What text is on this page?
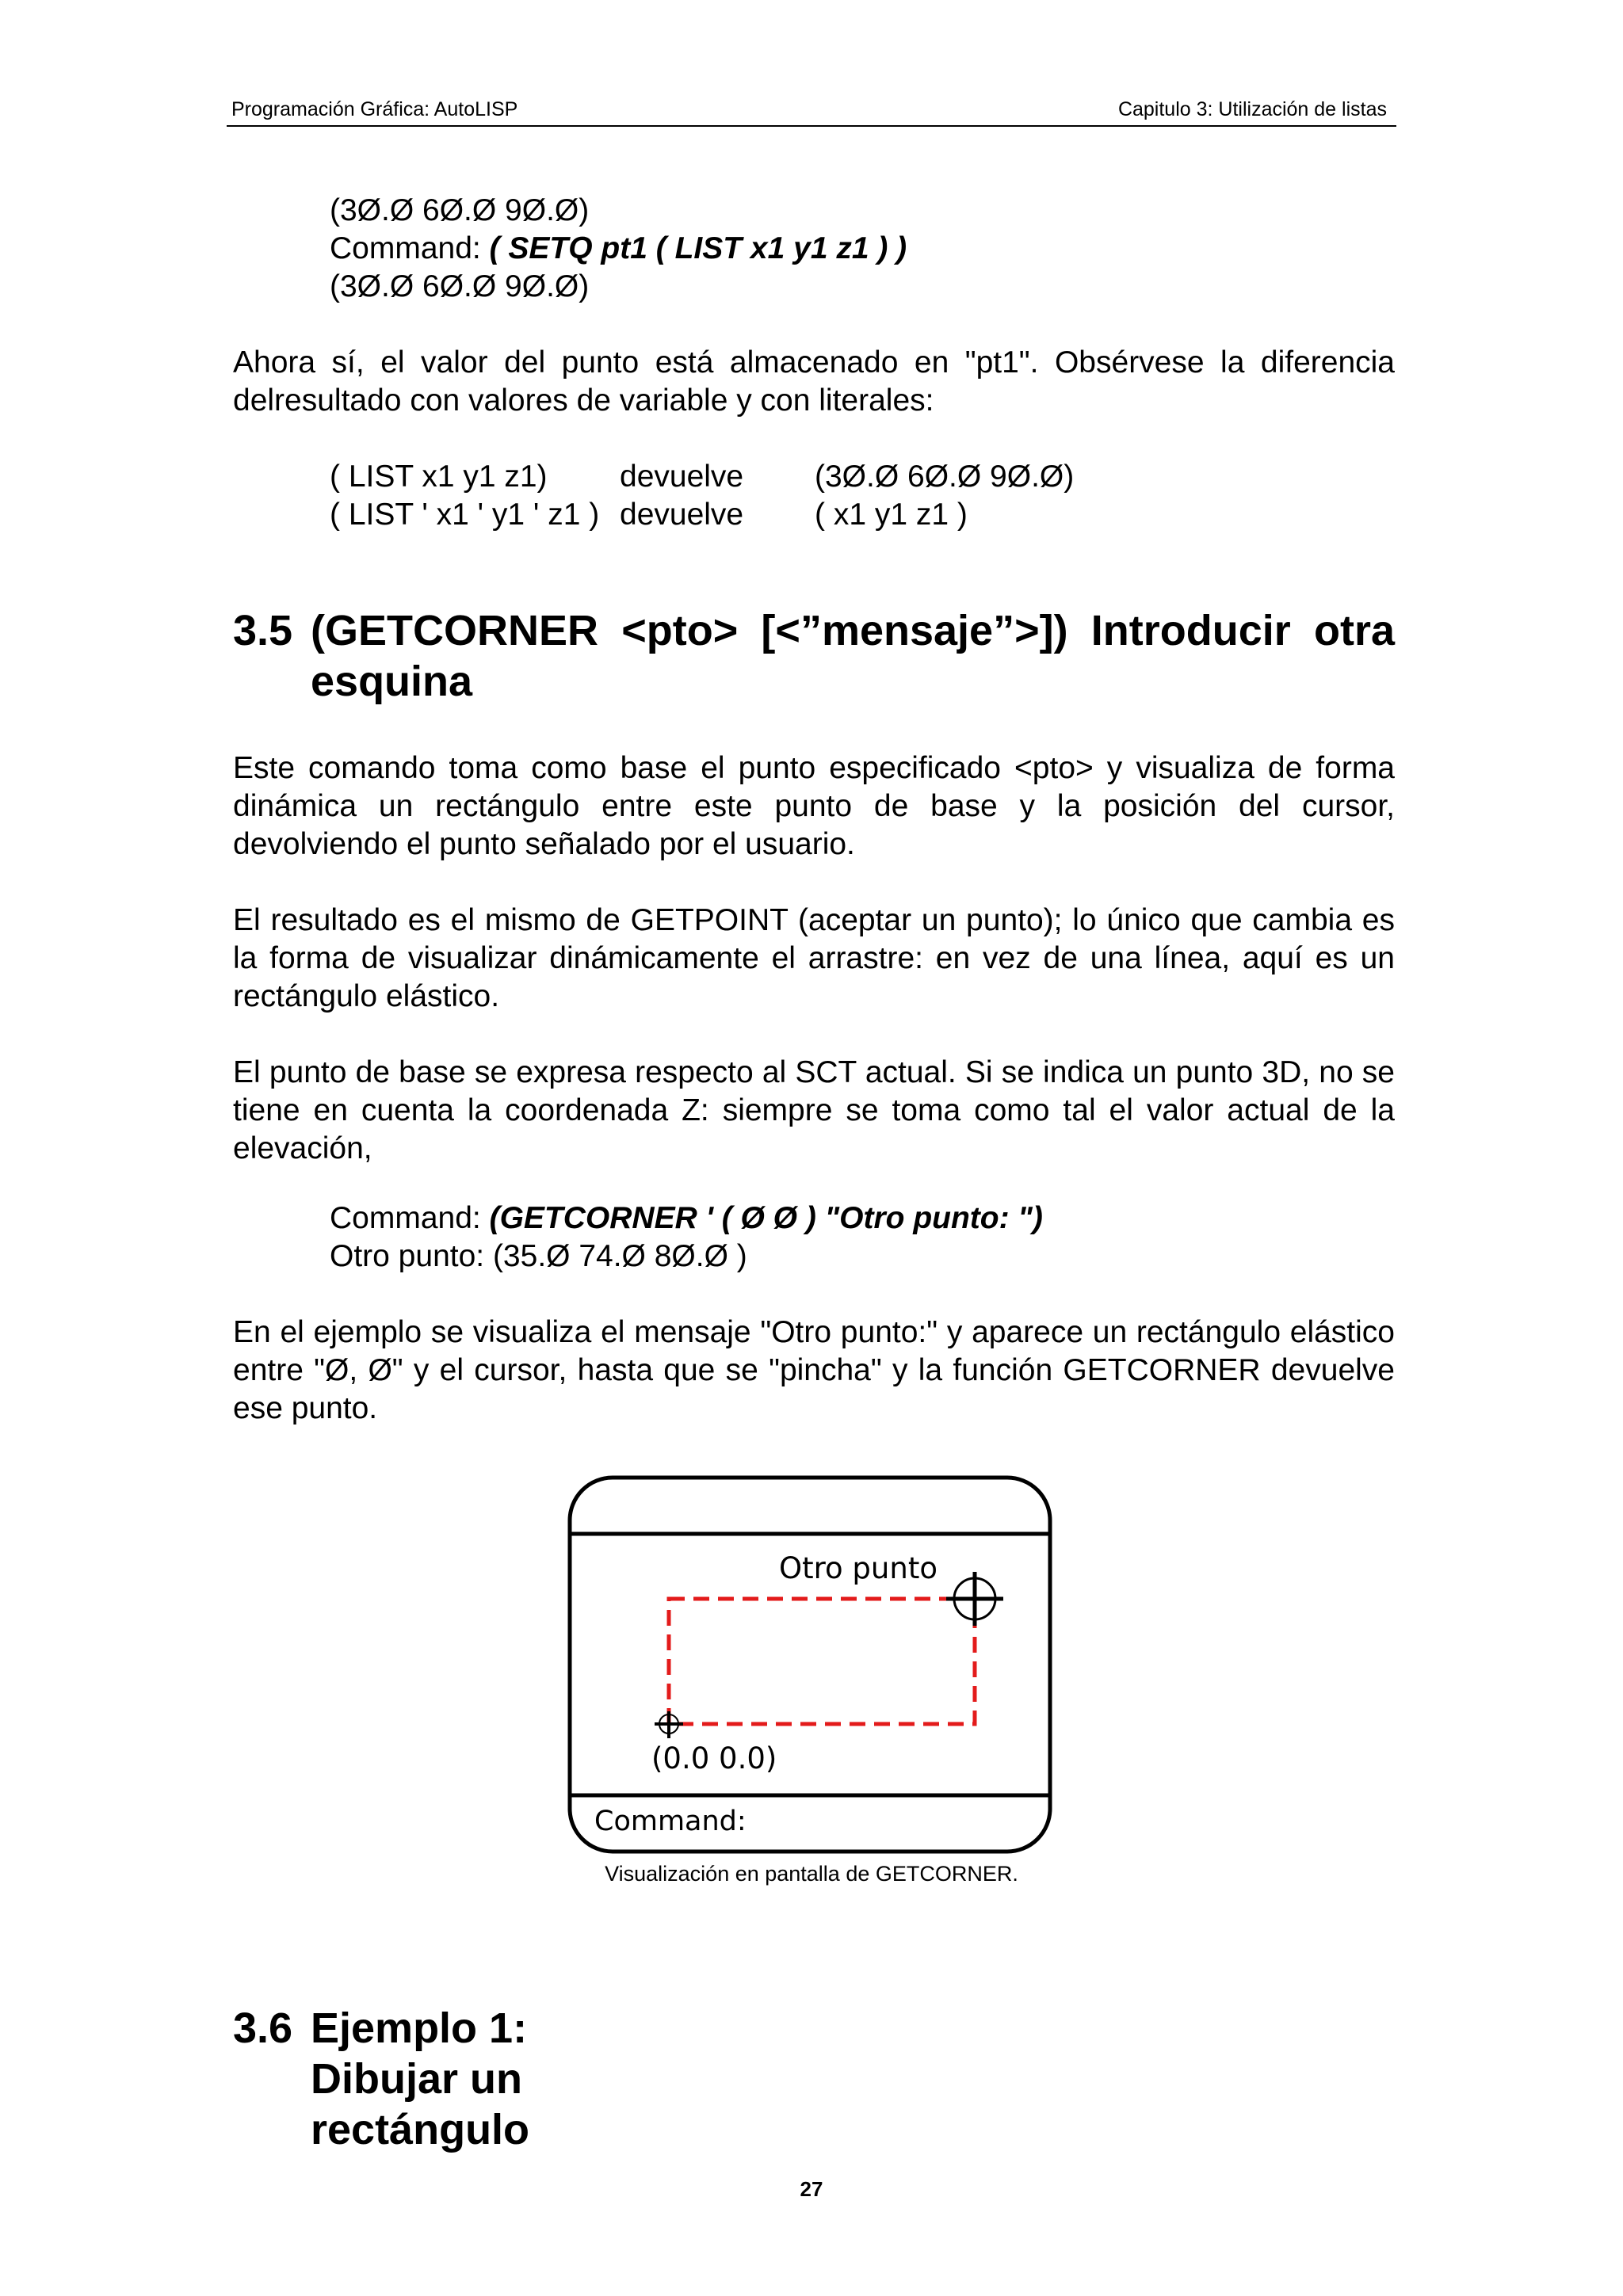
Programación Gráfica: AutoLISP	Capitulo 3: Utilización de listas
(3Ø.Ø 6Ø.Ø 9Ø.Ø)
Command: ( SETQ pt1 ( LIST x1 y1 z1 ) )
(3Ø.Ø 6Ø.Ø 9Ø.Ø)
Ahora sí, el valor del punto está almacenado en "pt1". Obsérvese la diferencia delresultado con valores de variable y con literales:
( LIST x1 y1 z1) devuelve (3Ø.Ø 6Ø.Ø 9Ø.Ø)
( LIST ' x1 ' y1 ' z1 ) devuelve ( x1 y1 z1 )
3.5 (GETCORNER <pto> [<”mensaje”>]) Introducir otra esquina
Este comando toma como base el punto especificado <pto> y visualiza de forma dinámica un rectángulo entre este punto de base y la posición del cursor, devolviendo el punto señalado por el usuario.
El resultado es el mismo de GETPOINT (aceptar un punto); lo único que cambia es la forma de visualizar dinámicamente el arrastre: en vez de una línea, aquí es un rectángulo elástico.
El punto de base se expresa respecto al SCT actual. Si se indica un punto 3D, no se tiene en cuenta la coordenada Z: siempre se toma como tal el valor actual de la elevación,
Command: (GETCORNER ' ( Ø Ø ) "Otro punto: ")
Otro punto: (35.Ø 74.Ø 8Ø.Ø )
En el ejemplo se visualiza el mensaje "Otro punto:" y aparece un rectángulo elástico entre "Ø, Ø" y el cursor, hasta que se "pincha" y la función GETCORNER devuelve ese punto.
Otro punto
(0.0 0.0)
Command:
Visualización en pantalla de GETCORNER.
3.6 Ejemplo 1: Dibujar un rectángulo
27
